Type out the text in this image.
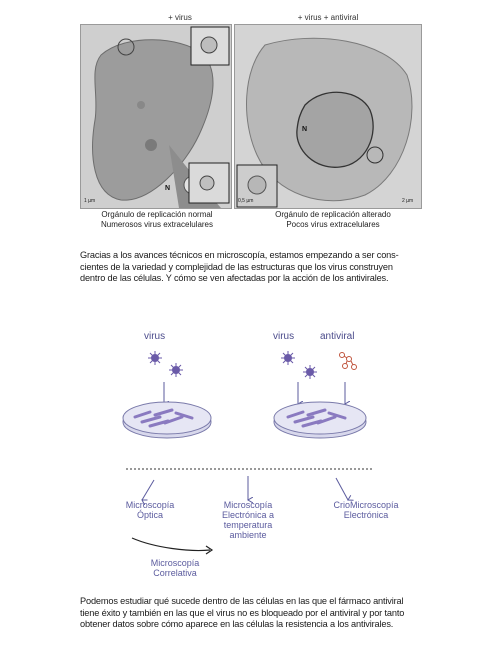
+ virus	+ virus + antiviral
N
1 µm
N
0,5 µm	2 µm
Orgánulo de replicación normal
Numerosos virus extracelulares
Orgánulo de replicación alterado
Pocos virus extracelulares
Gracias a los avances técnicos en microscopía, estamos empezando a ser cons-
cientes de la variedad y complejidad de las estructuras que los virus construyen
dentro de las células. Y cómo se ven afectadas por la acción de los antivirales.
virus	virus	antiviral
Microscopía
Óptica
Microscopía
Electrónica a
temperatura
ambiente
CrioMicroscopía
Electrónica
Microscopía
Correlativa
Podemos estudiar qué sucede dentro de las células en las que el fármaco antiviral
tiene éxito y también en las que el virus no es bloqueado por el antiviral y por tanto
obtener datos sobre cómo aparece en las células la resistencia a los antivirales.
